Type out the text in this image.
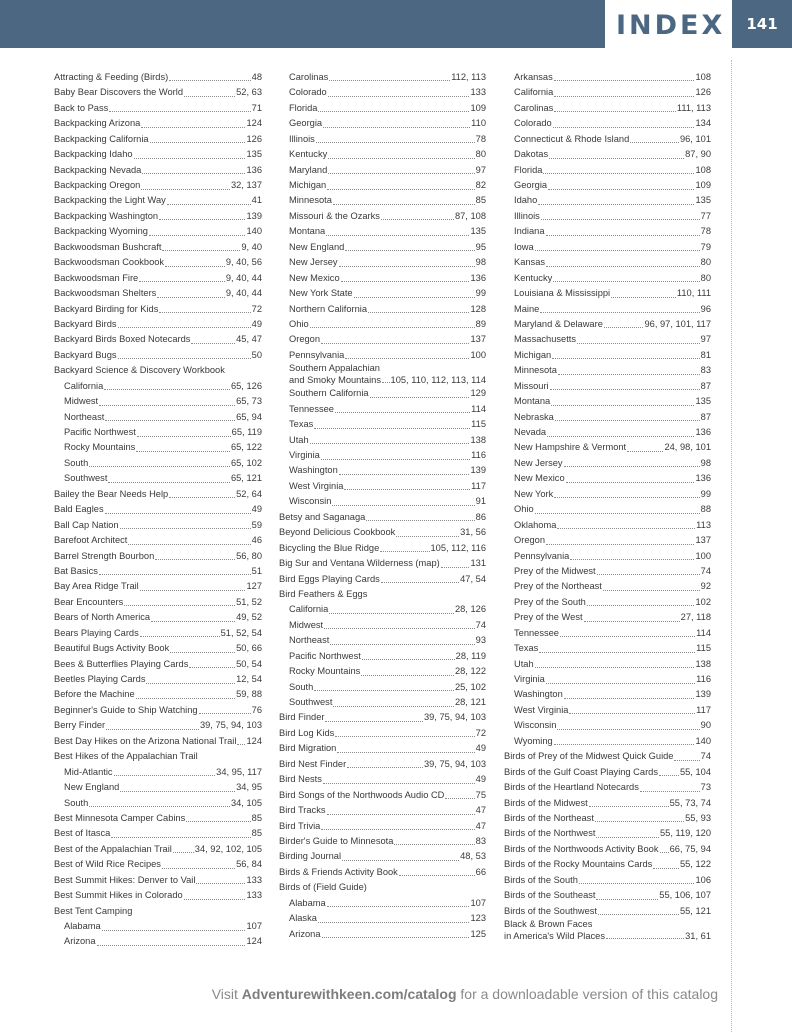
INDEX	141
Attracting & Feeding (Birds)	48
Baby Bear Discovers the World	52, 63
Back to Pass	71
Backpacking Arizona	124
Backpacking California	126
Backpacking Idaho	135
Backpacking Nevada	136
Backpacking Oregon	32, 137
Backpacking the Light Way	41
Backpacking Washington	139
Backpacking Wyoming	140
Backwoodsman Bushcraft	9, 40
Backwoodsman Cookbook	9, 40, 56
Backwoodsman Fire	9, 40, 44
Backwoodsman Shelters	9, 40, 44
Backyard Birding for Kids	72
Backyard Birds	49
Backyard Birds Boxed Notecards	45, 47
Backyard Bugs	50
Backyard Science & Discovery Workbook
California	65, 126
Midwest	65, 73
Northeast	65, 94
Pacific Northwest	65, 119
Rocky Mountains	65, 122
South	65, 102
Southwest	65, 121
Bailey the Bear Needs Help	52, 64
Bald Eagles	49
Ball Cap Nation	59
Barefoot Architect	46
Barrel Strength Bourbon	56, 80
Bat Basics	51
Bay Area Ridge Trail	127
Bear Encounters	51, 52
Bears of North America	49, 52
Bears Playing Cards	51, 52, 54
Beautiful Bugs Activity Book	50, 66
Bees & Butterflies Playing Cards	50, 54
Beetles Playing Cards	12, 54
Before the Machine	59, 88
Beginner's Guide to Ship Watching	76
Berry Finder	39, 75, 94, 103
Best Day Hikes on the Arizona National Trail 124
Best Hikes of the Appalachian Trail
Mid-Atlantic	34, 95, 117
New England	34, 95
South	34, 105
Best Minnesota Camper Cabins	85
Best of Itasca	85
Best of the Appalachian Trail 34, 92, 102, 105
Best of Wild Rice Recipes	56, 84
Best Summit Hikes: Denver to Vail	133
Best Summit Hikes in Colorado	133
Best Tent Camping
Alabama	107
Arizona	124
Carolinas	112, 113
Colorado	133
Florida	109
Georgia	110
Illinois	78
Kentucky	80
Maryland	97
Michigan	82
Minnesota	85
Missouri & the Ozarks	87, 108
Montana	135
New England	95
New Jersey	98
New Mexico	136
New York State	99
Northern California	128
Ohio	89
Oregon	137
Pennsylvania	100
Southern Appalachian
and Smoky Mountains 105, 110, 112, 113, 114
Southern California	129
Tennessee	114
Texas	115
Utah	138
Virginia	116
Washington	139
West Virginia	117
Wisconsin	91
Betsy and Saganaga	86
Beyond Delicious Cookbook	31, 56
Bicycling the Blue Ridge	105, 112, 116
Big Sur and Ventana Wilderness (map)	131
Bird Eggs Playing Cards	47, 54
Bird Feathers & Eggs
California	28, 126
Midwest	74
Northeast	93
Pacific Northwest	28, 119
Rocky Mountains	28, 122
South	25, 102
Southwest	28, 121
Bird Finder	39, 75, 94, 103
Bird Log Kids	72
Bird Migration	49
Bird Nest Finder	39, 75, 94, 103
Bird Nests	49
Bird Songs of the Northwoods Audio CD	75
Bird Tracks	47
Bird Trivia	47
Birder's Guide to Minnesota	83
Birding Journal	48, 53
Birds & Friends Activity Book	66
Birds of (Field Guide)
Alabama	107
Alaska	123
Arizona	125
Arkansas	108
California	126
Carolinas	111, 113
Colorado	134
Connecticut & Rhode Island	96, 101
Dakotas	87, 90
Florida	108
Georgia	109
Idaho	135
Illinois	77
Indiana	78
Iowa	79
Kansas	80
Kentucky	80
Louisiana & Mississippi	110, 111
Maine	96
Maryland & Delaware	96, 97, 101, 117
Massachusetts	97
Michigan	81
Minnesota	83
Missouri	87
Montana	135
Nebraska	87
Nevada	136
New Hampshire & Vermont	24, 98, 101
New Jersey	98
New Mexico	136
New York	99
Ohio	88
Oklahoma	113
Oregon	137
Pennsylvania	100
Prey of the Midwest	74
Prey of the Northeast	92
Prey of the South	102
Prey of the West	27, 118
Tennessee	114
Texas	115
Utah	138
Virginia	116
Washington	139
West Virginia	117
Wisconsin	90
Wyoming	140
Birds of Prey of the Midwest Quick Guide	74
Birds of the Gulf Coast Playing Cards 55, 104
Birds of the Heartland Notecards	73
Birds of the Midwest	55, 73, 74
Birds of the Northeast	55, 93
Birds of the Northwest	55, 119, 120
Birds of the Northwoods Activity Book 66, 75, 94
Birds of the Rocky Mountains Cards	55, 122
Birds of the South	106
Birds of the Southeast	55, 106, 107
Birds of the Southwest	55, 121
Black & Brown Faces
in America's Wild Places	31, 61
Visit Adventurewithkeen.com/catalog for a downloadable version of this catalog
